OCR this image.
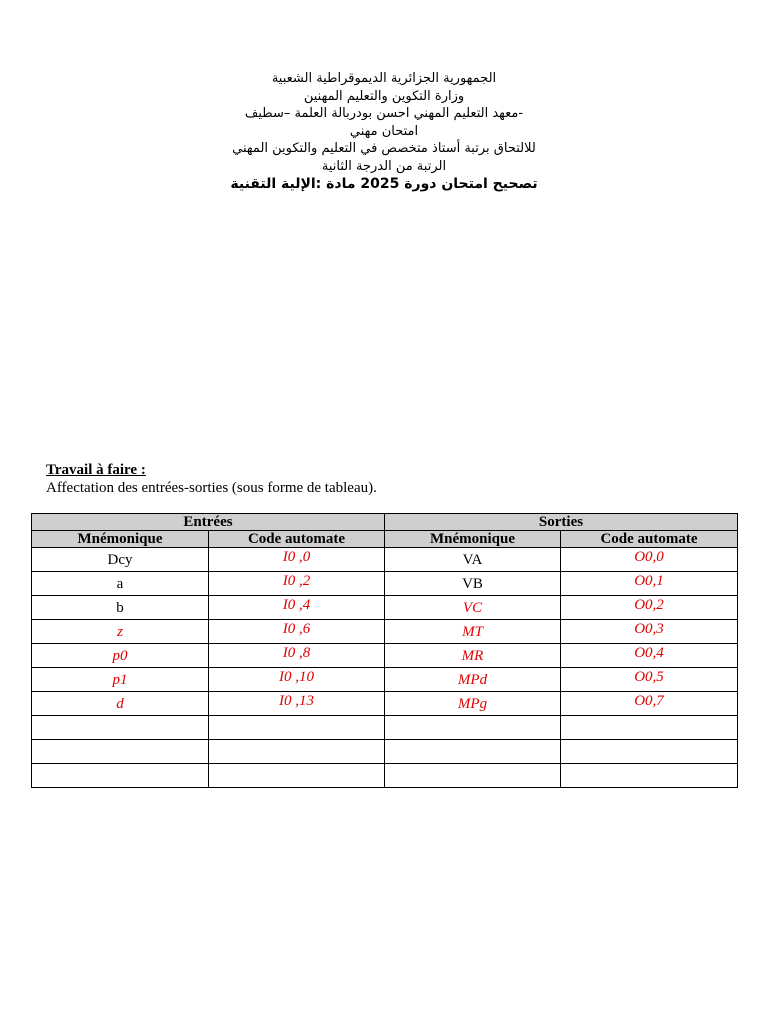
الجمهورية الجزائرية الديموقراطية الشعبية
وزارة التكوين والتعليم المهنين
-معهد التعليم المهني احسن بودربالة العلمة –سطيف
امتحان مهني
للالتحاق برتبة أستاذ متخصص في التعليم والتكوين المهني
الرتبة من الدرجة الثانية
تصحيح امتحان دورة 2025 مادة :الإلية التقنية
Travail à faire :
Affectation des entrées-sorties (sous forme de tableau).
Entrées		Sorties	
Mnémonique	Code automate	Mnémonique	Code automate
Dcy	I0 ,0	VA	O0,0
a	I0 ,2	VB	O0,1
b	I0 ,4	VC	O0,2
z	I0 ,6	MT	O0,3
p0	I0 ,8	MR	O0,4
p1	I0 ,10	MPd	O0,5
d	I0 ,13	MPg	O0,7
